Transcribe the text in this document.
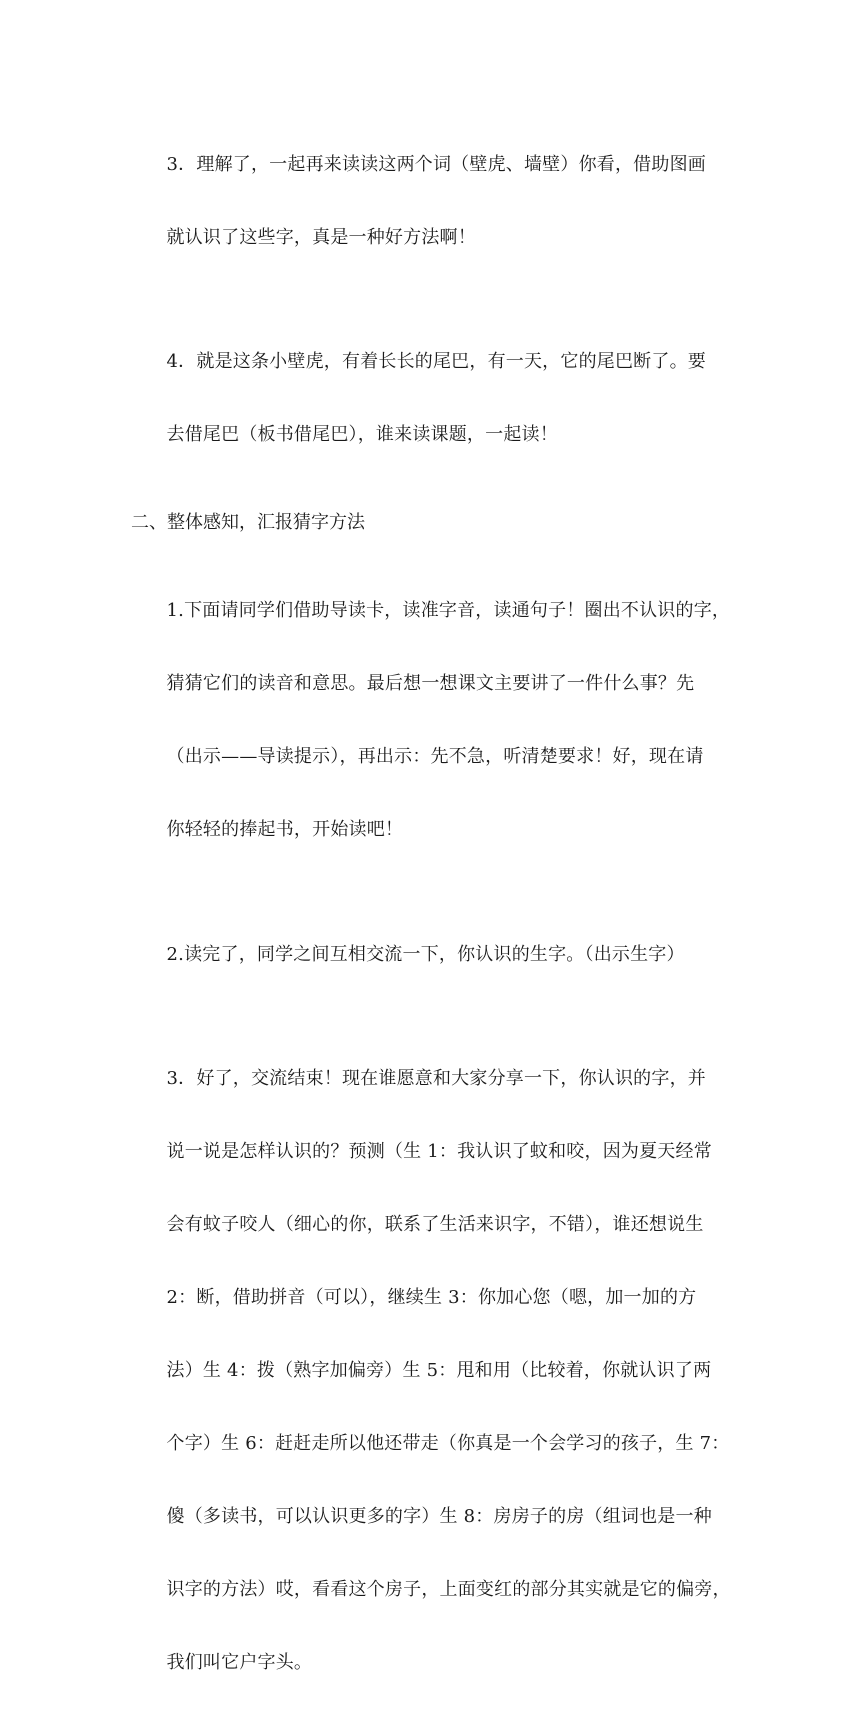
3．理解了，一起再来读读这两个词（壁虎、墙壁）你看，借助图画

就认识了这些字，真是一种好方法啊！

4．就是这条小壁虎，有着长长的尾巴，有一天，它的尾巴断了。要

去借尾巴（板书借尾巴），谁来读课题，一起读！

二、整体感知，汇报猜字方法

1.下面请同学们借助导读卡，读准字音，读通句子！圈出不认识的字，

猜猜它们的读音和意思。最后想一想课文主要讲了一件什么事？先

（出示——导读提示），再出示：先不急，听清楚要求！好，现在请

你轻轻的捧起书，开始读吧！

2.读完了，同学之间互相交流一下，你认识的生字。（出示生字）

3．好了，交流结束！现在谁愿意和大家分享一下，你认识的字，并

说一说是怎样认识的？预测（生 1：我认识了蚊和咬，因为夏天经常

会有蚊子咬人（细心的你，联系了生活来识字，不错），谁还想说生

2：断，借助拼音（可以），继续生 3：你加心您（嗯，加一加的方

法）生 4：拨（熟字加偏旁）生 5：甩和用（比较着，你就认识了两

个字）生 6：赶赶走所以他还带走（你真是一个会学习的孩子，生 7：

傻（多读书，可以认识更多的字）生 8：房房子的房（组词也是一种

识字的方法）哎，看看这个房子，上面变红的部分其实就是它的偏旁，

我们叫它户字头。
